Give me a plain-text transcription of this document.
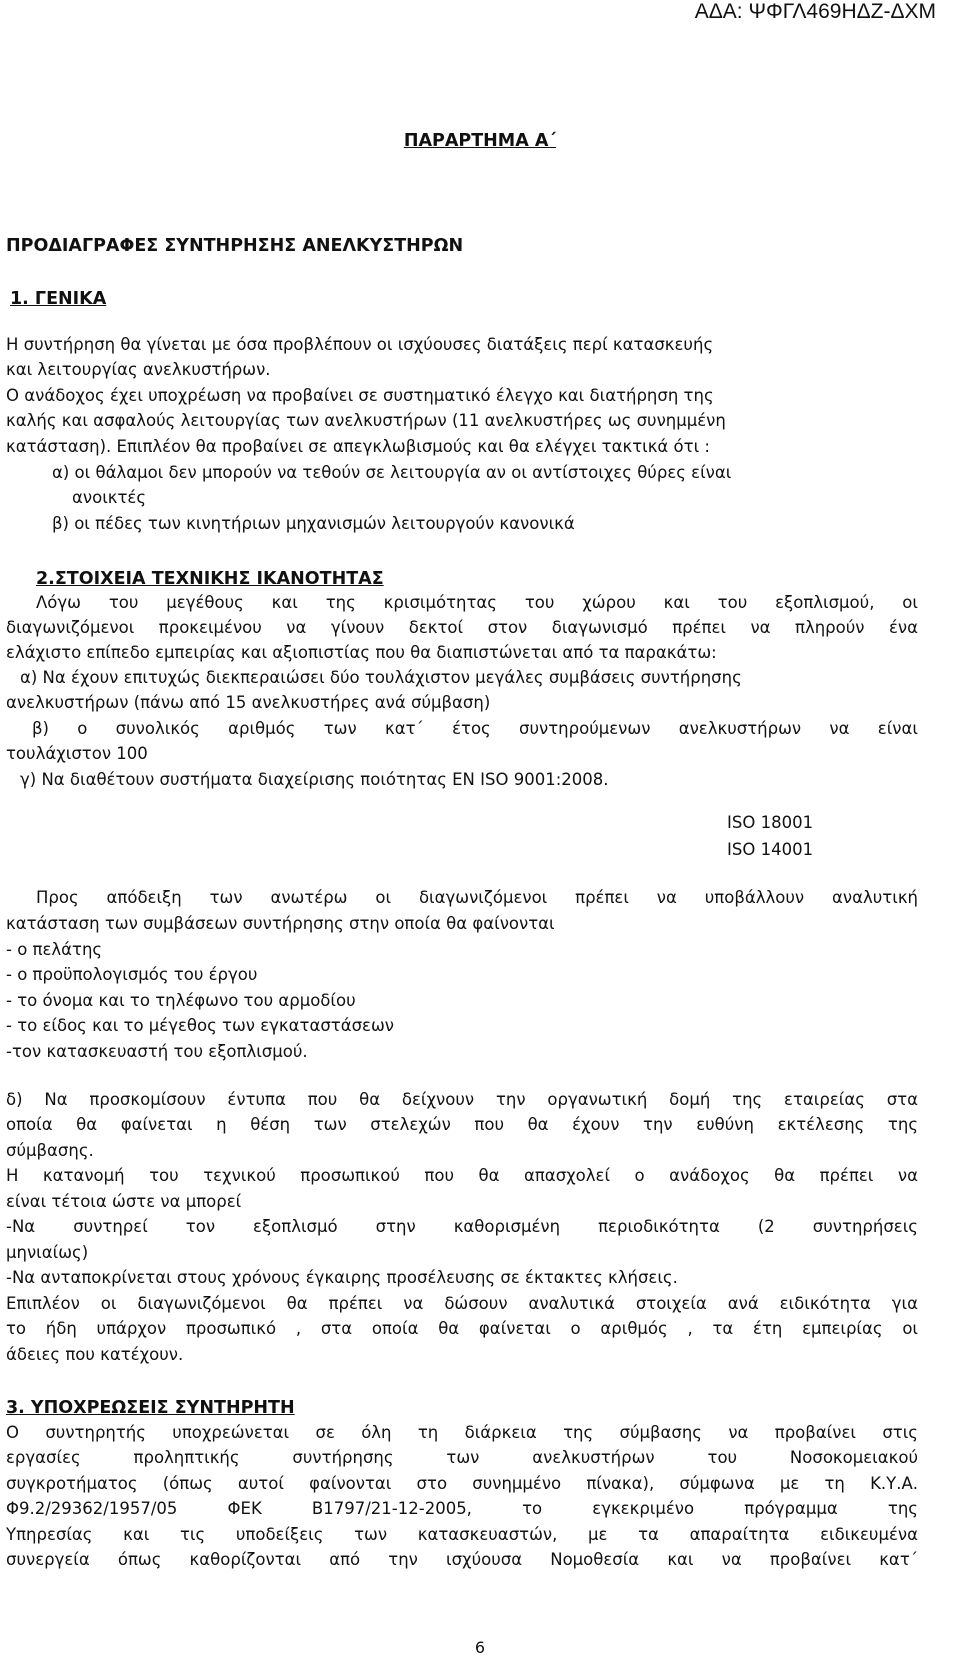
ΑΔΑ: ΨΦΓΛ469ΗΔΖ-ΔΧΜ
ΠΑΡΑΡΤΗΜΑ Α΄
ΠΡΟΔΙΑΓΡΑΦΕΣ ΣΥΝΤΗΡΗΣΗΣ ΑΝΕΛΚΥΣΤΗΡΩΝ
1. ΓΕΝΙΚΑ
Η συντήρηση θα γίνεται με όσα προβλέπουν οι ισχύουσες διατάξεις περί κατασκευής
και λειτουργίας ανελκυστήρων.
Ο ανάδοχος έχει υποχρέωση να προβαίνει σε συστηματικό έλεγχο και διατήρηση της
καλής και ασφαλούς λειτουργίας των ανελκυστήρων (11 ανελκυστήρες ως συνημμένη
κατάσταση). Επιπλέον θα προβαίνει σε απεγκλωβισμούς και θα ελέγχει τακτικά ότι :
α) οι θάλαμοι δεν μπορούν να τεθούν σε λειτουργία αν οι αντίστοιχες θύρες είναι
ανοικτές
β) οι πέδες των κινητήριων μηχανισμών λειτουργούν κανονικά
2.ΣΤΟΙΧΕΙΑ ΤΕΧΝΙΚΗΣ ΙΚΑΝΟΤΗΤΑΣ
Λόγω του μεγέθους και της κρισιμότητας του χώρου και του εξοπλισμού, οι
διαγωνιζόμενοι προκειμένου να γίνουν δεκτοί στον διαγωνισμό πρέπει να πληρούν ένα
ελάχιστο επίπεδο εμπειρίας και αξιοπιστίας που θα διαπιστώνεται από τα παρακάτω:
α) Να έχουν επιτυχώς διεκπεραιώσει δύο τουλάχιστον μεγάλες συμβάσεις συντήρησης
ανελκυστήρων (πάνω από 15 ανελκυστήρες ανά σύμβαση)
β) ο συνολικός αριθμός των κατ΄ έτος συντηρούμενων ανελκυστήρων να είναι
τουλάχιστον 100
γ) Να διαθέτουν συστήματα διαχείρισης ποιότητας ΕΝ ISO 9001:2008.
ISO 18001
ISO 14001
Προς απόδειξη των ανωτέρω οι διαγωνιζόμενοι πρέπει να υποβάλλουν αναλυτική
κατάσταση των συμβάσεων συντήρησης στην οποία θα φαίνονται
- ο πελάτης
- ο προϋπολογισμός του έργου
- το όνομα και το τηλέφωνο του αρμοδίου
- το είδος και το μέγεθος των εγκαταστάσεων
-τον κατασκευαστή του εξοπλισμού.
δ) Να προσκομίσουν έντυπα που θα δείχνουν την οργανωτική δομή της εταιρείας στα
οποία θα φαίνεται η θέση των στελεχών που θα έχουν την ευθύνη εκτέλεσης της
σύμβασης.
Η κατανομή του τεχνικού προσωπικού που θα απασχολεί ο ανάδοχος θα πρέπει να
είναι τέτοια ώστε να μπορεί
-Να συντηρεί τον εξοπλισμό στην καθορισμένη περιοδικότητα (2 συντηρήσεις
μηνιαίως)
-Να ανταποκρίνεται στους χρόνους έγκαιρης προσέλευσης σε έκτακτες κλήσεις.
Επιπλέον οι διαγωνιζόμενοι θα πρέπει να δώσουν αναλυτικά στοιχεία ανά ειδικότητα για
το ήδη υπάρχον προσωπικό , στα οποία θα φαίνεται ο αριθμός , τα έτη εμπειρίας οι
άδειες που κατέχουν.
3. ΥΠΟΧΡΕΩΣΕΙΣ ΣΥΝΤΗΡΗΤΗ
Ο συντηρητής υποχρεώνεται σε όλη τη διάρκεια της σύμβασης να προβαίνει στις
εργασίες προληπτικής συντήρησης των ανελκυστήρων του Νοσοκομειακού
συγκροτήματος (όπως αυτοί φαίνονται στο συνημμένο πίνακα), σύμφωνα με τη Κ.Υ.Α.
Φ9.2/29362/1957/05 ΦΕΚ Β1797/21-12-2005, το εγκεκριμένο πρόγραμμα της
Υπηρεσίας και τις υποδείξεις των κατασκευαστών, με τα απαραίτητα ειδικευμένα
συνεργεία όπως καθορίζονται από την ισχύουσα Νομοθεσία και να προβαίνει κατ΄
6
